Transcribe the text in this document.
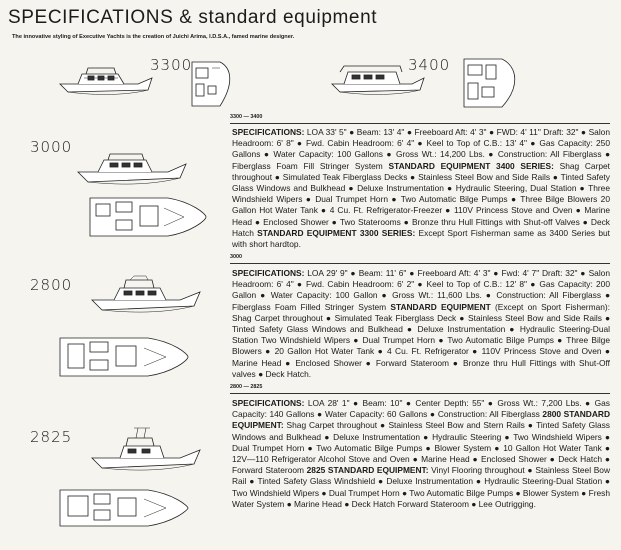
SPECIFICATIONS & standard equipment
The innovative styling of Executive Yachts is the creation of Juichi Arima, I.D.S.A., famed marine designer.
3300	3400
3000
2800
2825
3300 — 3400
SPECIFICATIONS: LOA 33' 5" ● Beam: 13' 4" ● Freeboard Aft: 4' 3" ● FWD: 4' 11" Draft: 32" ● Salon Headroom: 6' 8" ● Fwd. Cabin Headroom: 6' 4" ● Keel to Top of C.B.: 13' 4" ● Gas Capacity: 250 Gallons ● Water Capacity: 100 Gallons ● Gross Wt.: 14,200 Lbs. ● Construction: All Fiberglass ● Fiberglass Foam Fill Stringer System STANDARD EQUIPMENT 3400 SERIES: Shag Carpet throughout ● Simulated Teak Fiberglass Decks ● Stainless Steel Bow and Side Rails ● Tinted Safety Glass Windows and Bulkhead ● Deluxe Instrumentation ● Hydraulic Steering, Dual Station ● Three Windshield Wipers ● Dual Trumpet Horn ● Two Automatic Bilge Pumps ● Three Bilge Blowers 20 Gallon Hot Water Tank ● 4 Cu. Ft. Refrigerator-Freezer ● 110V Princess Stove and Oven ● Marine Head ● Enclosed Shower ● Two Staterooms ● Bronze thru Hull Fittings with Shut-off Valves ● Deck Hatch STANDARD EQUIPMENT 3300 SERIES: Except Sport Fisherman same as 3400 Series but with short hardtop.
3000
SPECIFICATIONS: LOA 29' 9" ● Beam: 11' 6" ● Freeboard Aft: 4' 3" ● Fwd: 4' 7" Draft: 32" ● Salon Headroom: 6' 4" ● Fwd. Cabin Headroom: 6' 2" ● Keel to Top of C.B.: 12' 8" ● Gas Capacity: 200 Gallon ● Water Capacity: 100 Gallon ● Gross Wt.: 11,600 Lbs. ● Construction: All Fiberglass ● Fiberglass Foam Filled Stringer System STANDARD EQUIPMENT (Except on Sport Fisherman): Shag Carpet throughout ● Simulated Teak Fiberglass Deck ● Stainless Steel Bow and Side Rails ● Tinted Safety Glass Windows and Bulkhead ● Deluxe Instrumentation ● Hydraulic Steering-Dual Station Two Windshield Wipers ● Dual Trumpet Horn ● Two Automatic Bilge Pumps ● Three Bilge Blowers ● 20 Gallon Hot Water Tank ● 4 Cu. Ft. Refrigerator ● 110V Princess Stove and Oven ● Marine Head ● Enclosed Shower ● Forward Stateroom ● Bronze thru Hull Fittings with Shut-Off valves ● Deck Hatch.
2800 — 2825
SPECIFICATIONS: LOA 28' 1" ● Beam: 10" ● Center Depth: 55" ● Gross Wt.: 7,200 Lbs. ● Gas Capacity: 140 Gallons ● Water Capacity: 60 Gallons ● Construction: All Fiberglass 2800 STANDARD EQUIPMENT: Shag Carpet throughout ● Stainless Steel Bow and Stern Rails ● Tinted Safety Glass Windows and Bulkhead ● Deluxe Instrumentation ● Hydraulic Steering ● Two Windshield Wipers ● Dual Trumpet Horn ● Two Automatic Bilge Pumps ● Blower System ● 10 Gallon Hot Water Tank ● 12V—110 Refrigerator Alcohol Stove and Oven ● Marine Head ● Enclosed Shower ● Deck Hatch ● Forward Stateroom 2825 STANDARD EQUIPMENT: Vinyl Flooring throughout ● Stainless Steel Bow Rail ● Tinted Safety Glass Windshield ● Deluxe Instrumentation ● Hydraulic Steering-Dual Station ● Two Windshield Wipers ● Dual Trumpet Horn ● Two Automatic Bilge Pumps ● Blower System ● Fresh Water System ● Marine Head ● Deck Hatch Forward Stateroom ● Lee Outrigging.
